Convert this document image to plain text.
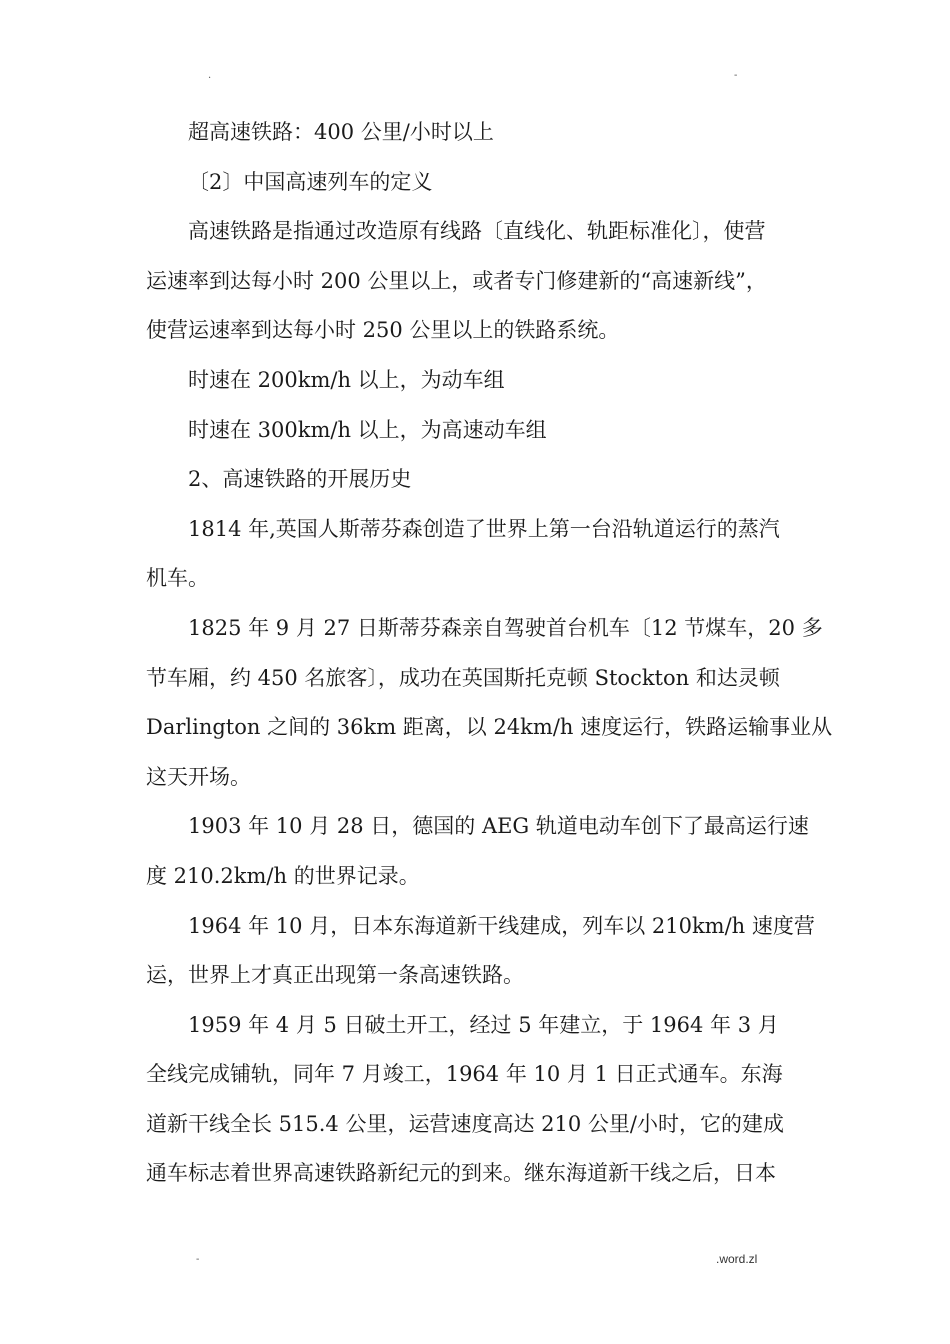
.	-
超高速铁路：400 公里/小时以上
〔2〕中国高速列车的定义
高速铁路是指通过改造原有线路〔直线化、轨距标准化〕，使营
运速率到达每小时 200 公里以上，或者专门修建新的“高速新线”，
使营运速率到达每小时 250 公里以上的铁路系统。
时速在 200km/h 以上，为动车组
时速在 300km/h 以上，为高速动车组
2、高速铁路的开展历史
1814 年,英国人斯蒂芬森创造了世界上第一台沿轨道运行的蒸汽
机车。
1825 年 9 月 27 日斯蒂芬森亲自驾驶首台机车〔12 节煤车，20 多
节车厢，约 450 名旅客〕，成功在英国斯托克顿 Stockton 和达灵顿
Darlington 之间的 36km 距离，以 24km/h 速度运行，铁路运输事业从
这天开场。
1903 年 10 月 28 日，德国的 AEG 轨道电动车创下了最高运行速
度 210.2km/h 的世界记录。
1964 年 10 月，日本东海道新干线建成，列车以 210km/h 速度营
运，世界上才真正出现第一条高速铁路。
1959 年 4 月 5 日破土开工，经过 5 年建立，于 1964 年 3 月
全线完成铺轨，同年 7 月竣工，1964 年 10 月 1 日正式通车。东海
道新干线全长 515.4 公里，运营速度高达 210 公里/小时，它的建成
通车标志着世界高速铁路新纪元的到来。继东海道新干线之后，日本
-	.word.zl
